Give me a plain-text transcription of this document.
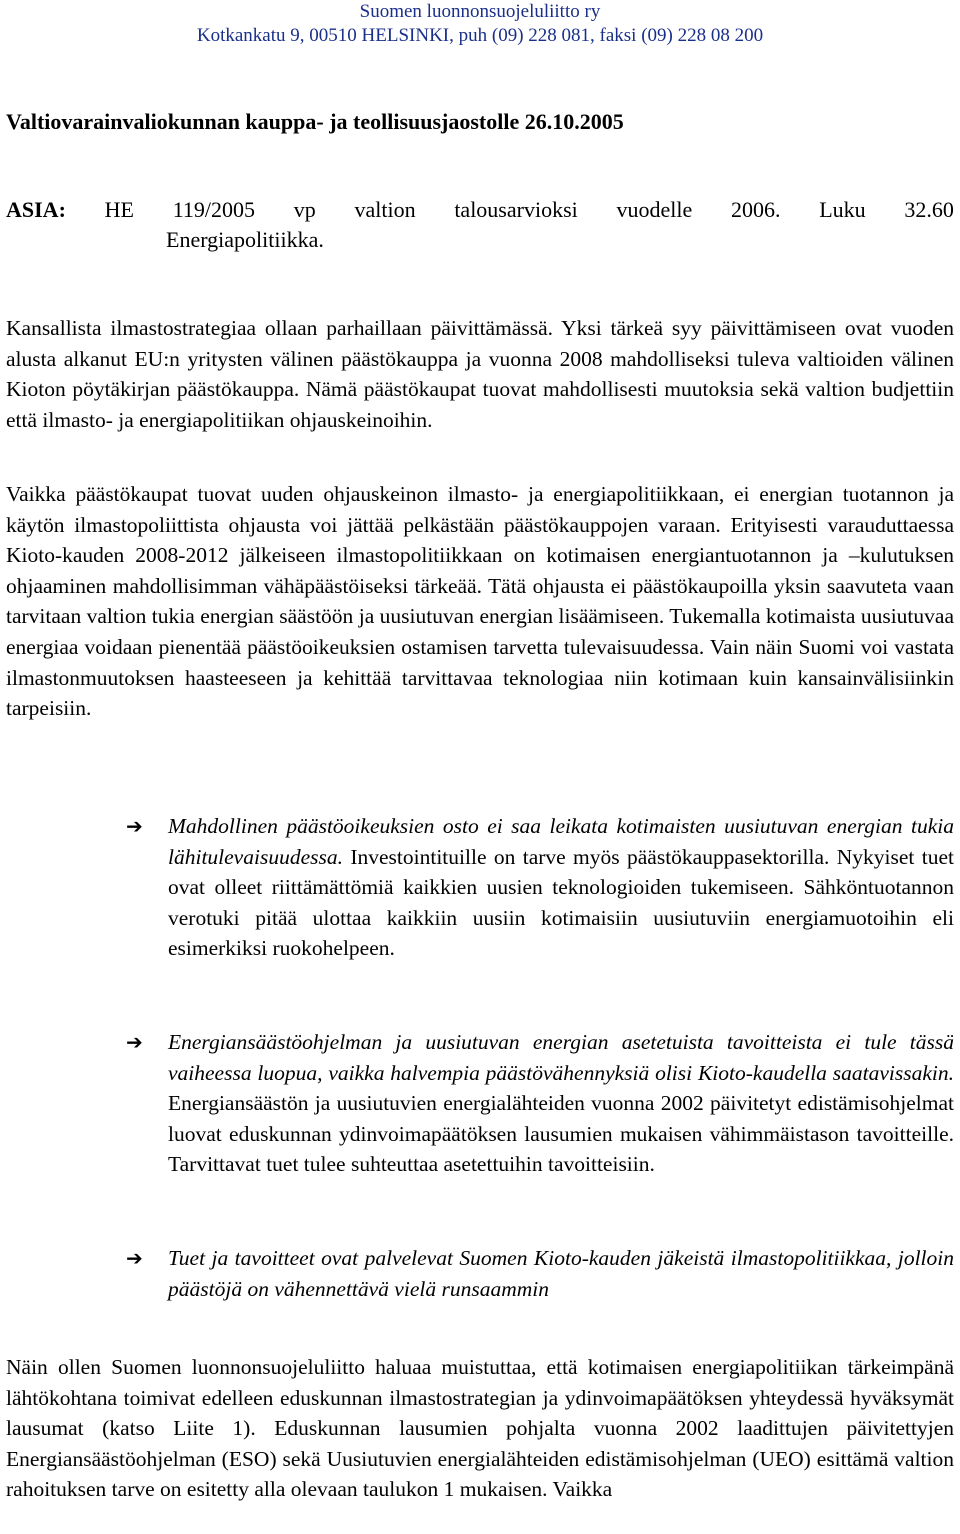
Suomen luonnonsuojeluliitto ry
Kotkankatu 9, 00510 HELSINKI, puh (09) 228 081, faksi (09) 228 08 200
Valtiovarainvaliokunnan kauppa- ja teollisuusjaostolle 26.10.2005
ASIA: HE 119/2005 vp valtion talousarvioksi vuodelle 2006. Luku 32.60
Energiapolitiikka.

Kansallista ilmastostrategiaa ollaan parhaillaan päivittämässä. Yksi tärkeä syy päivittämiseen ovat vuoden alusta alkanut EU:n yritysten välinen päästökauppa ja vuonna 2008 mahdolliseksi tuleva valtioiden välinen Kioton pöytäkirjan päästökauppa. Nämä päästökaupat tuovat mahdollisesti muutoksia sekä valtion budjettiin että ilmasto- ja energiapolitiikan ohjauskeinoihin.

Vaikka päästökaupat tuovat uuden ohjauskeinon ilmasto- ja energiapolitiikkaan, ei energian tuotannon ja käytön ilmastopoliittista ohjausta voi jättää pelkästään päästökauppojen varaan. Erityisesti varauduttaessa Kioto-kauden 2008-2012 jälkeiseen ilmastopolitiikkaan on kotimaisen energiantuotannon ja –kulutuksen ohjaaminen mahdollisimman vähäpäästöiseksi tärkeää. Tätä ohjausta ei päästökaupoilla yksin saavuteta vaan tarvitaan valtion tukia energian säästöön ja uusiutuvan energian lisäämiseen. Tukemalla kotimaista uusiutuvaa energiaa voidaan pienentää päästöoikeuksien ostamisen tarvetta tulevaisuudessa. Vain näin Suomi voi vastata ilmastonmuutoksen haasteeseen ja kehittää tarvittavaa teknologiaa niin kotimaan kuin kansainvälisiinkin tarpeisiin.

➔	Mahdollinen päästöoikeuksien osto ei saa leikata kotimaisten uusiutuvan energian tukia lähitulevaisuudessa. Investointituille on tarve myös päästökauppasektorilla. Nykyiset tuet ovat olleet riittämättömiä kaikkien uusien teknologioiden tukemiseen. Sähköntuotannon verotuki pitää ulottaa kaikkiin uusiin kotimaisiin uusiutuviin energiamuotoihin eli esimerkiksi ruokohelpeen.

➔	Energiansäästöohjelman ja uusiutuvan energian asetetuista tavoitteista ei tule tässä vaiheessa luopua, vaikka halvempia päästövähennyksiä olisi Kioto-kaudella saatavissakin. Energiansäästön ja uusiutuvien energialähteiden vuonna 2002 päivitetyt edistämisohjelmat luovat eduskunnan ydinvoimapäätöksen lausumien mukaisen vähimmäistason tavoitteille. Tarvittavat tuet tulee suhteuttaa asetettuihin tavoitteisiin.

➔	Tuet ja tavoitteet ovat palvelevat Suomen Kioto-kauden jäkeistä ilmastopolitiikkaa, jolloin päästöjä on vähennettävä vielä runsaammin

Näin ollen Suomen luonnonsuojeluliitto haluaa muistuttaa, että kotimaisen energiapolitiikan tärkeimpänä lähtökohtana toimivat edelleen eduskunnan ilmastostrategian ja ydinvoimapäätöksen yhteydessä hyväksymät lausumat (katso Liite 1). Eduskunnan lausumien pohjalta vuonna 2002 laadittujen päivitettyjen Energiansäästöohjelman (ESO) sekä Uusiutuvien energialähteiden edistämisohjelman (UEO) esittämä valtion rahoituksen tarve on esitetty alla olevaan taulukon 1 mukaisen. Vaikka
